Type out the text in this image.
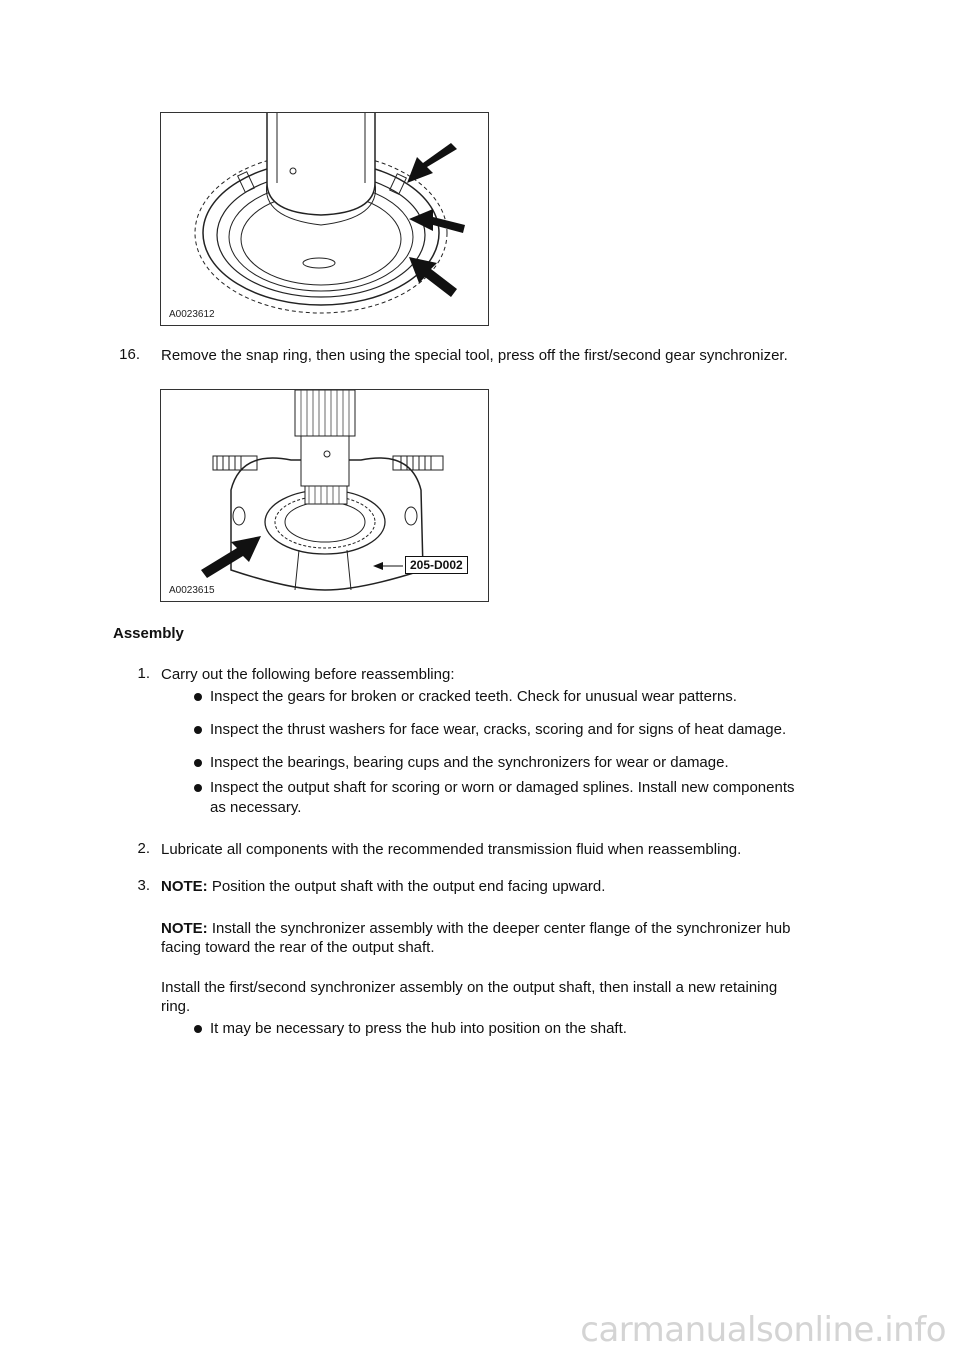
A0023612
16. Remove the snap ring, then using the special tool, press off the first/second gear synchronizer.
205-D002
A0023615
Assembly
1. Carry out the following before reassembling:
Inspect the gears for broken or cracked teeth. Check for unusual wear patterns.
Inspect the thrust washers for face wear, cracks, scoring and for signs of heat damage.
Inspect the bearings, bearing cups and the synchronizers for wear or damage.
Inspect the output shaft for scoring or worn or damaged splines. Install new components
as necessary.
2. Lubricate all components with the recommended transmission fluid when reassembling.
3. NOTE: Position the output shaft with the output end facing upward.
NOTE: Install the synchronizer assembly with the deeper center flange of the synchronizer hub
facing toward the rear of the output shaft.
Install the first/second synchronizer assembly on the output shaft, then install a new retaining
ring.
It may be necessary to press the hub into position on the shaft.
carmanualsonline.info
